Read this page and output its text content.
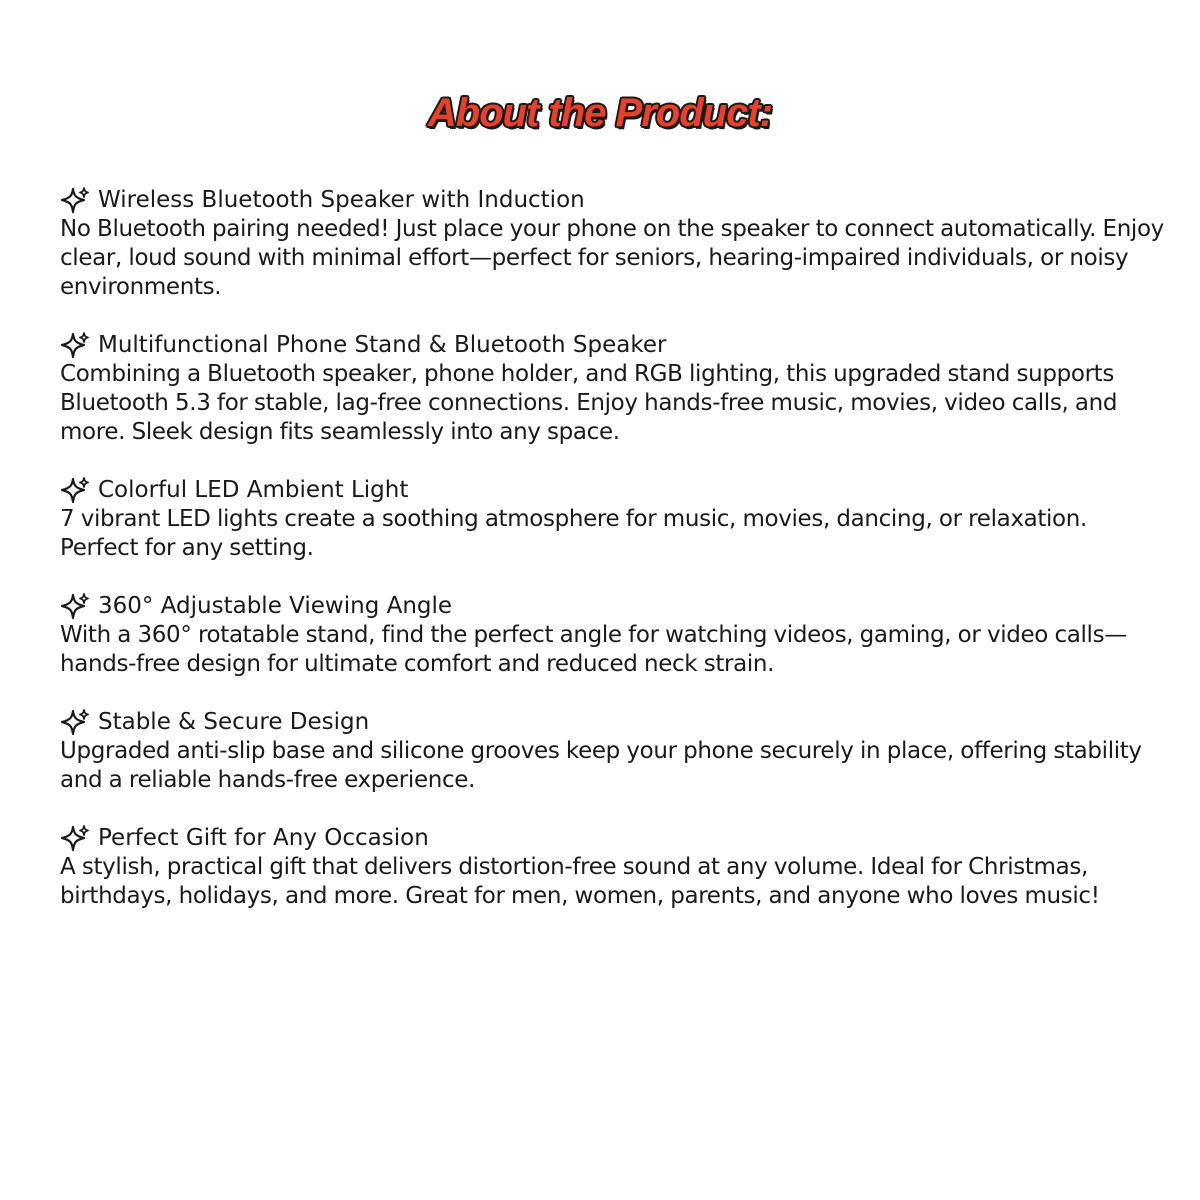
About the Product:
Wireless Bluetooth Speaker with Induction
No Bluetooth pairing needed! Just place your phone on the speaker to connect automatically. Enjoy clear, loud sound with minimal effort—perfect for seniors, hearing-impaired individuals, or noisy environments.
Multifunctional Phone Stand & Bluetooth Speaker
Combining a Bluetooth speaker, phone holder, and RGB lighting, this upgraded stand supports Bluetooth 5.3 for stable, lag-free connections. Enjoy hands-free music, movies, video calls, and more. Sleek design fits seamlessly into any space.
Colorful LED Ambient Light
7 vibrant LED lights create a soothing atmosphere for music, movies, dancing, or relaxation. Perfect for any setting.
360° Adjustable Viewing Angle
With a 360° rotatable stand, find the perfect angle for watching videos, gaming, or video calls—hands-free design for ultimate comfort and reduced neck strain.
Stable & Secure Design
Upgraded anti-slip base and silicone grooves keep your phone securely in place, offering stability and a reliable hands-free experience.
Perfect Gift for Any Occasion
A stylish, practical gift that delivers distortion-free sound at any volume. Ideal for Christmas, birthdays, holidays, and more. Great for men, women, parents, and anyone who loves music!
